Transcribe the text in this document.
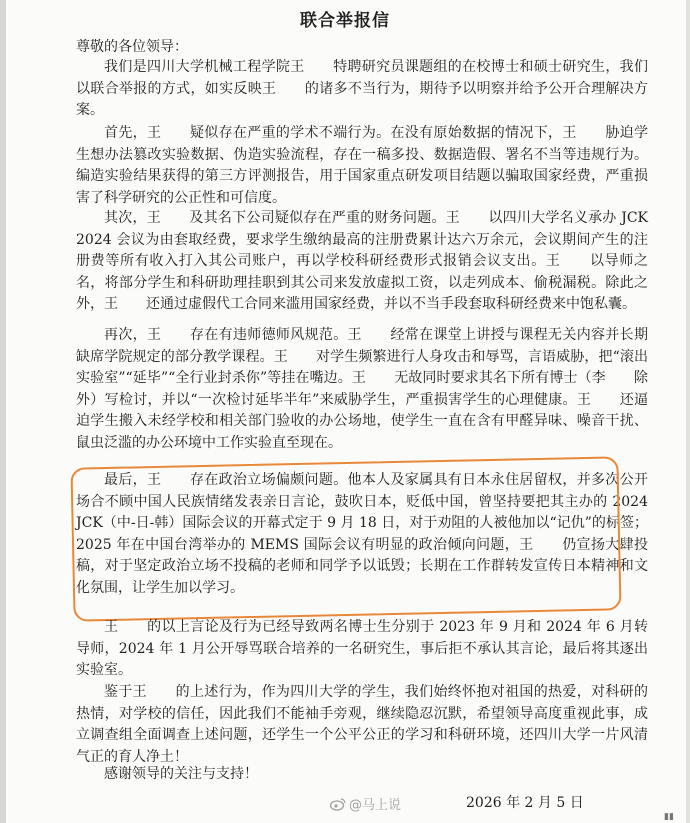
联合举报信
尊敬的各位领导：

我们是四川大学机械工程学院王　　特聘研究员课题组的在校博士和硕士研究生，我们以联合举报的方式，如实反映王　　的诸多不当行为，期待予以明察并给予公开合理解决方案。

首先，王　　疑似存在严重的学术不端行为。在没有原始数据的情况下，王　　胁迫学生想办法篡改实验数据、伪造实验流程，存在一稿多投、数据造假、署名不当等违规行为。编造实验结果获得的第三方评测报告，用于国家重点研发项目结题以骗取国家经费，严重损害了科学研究的公正性和可信度。

其次，王　　及其名下公司疑似存在严重的财务问题。王　　以四川大学名义承办 JCK 2024 会议为由套取经费，要求学生缴纳最高的注册费累计达六万余元，会议期间产生的注册费等所有收入打入其公司账户，再以学校科研经费形式报销会议支出。王　　以导师之名，将部分学生和科研助理挂职到其公司来发放虚拟工资，以走列成本、偷税漏税。除此之外，王　　还通过虚假代工合同来滥用国家经费，并以不当手段套取科研经费来中饱私囊。

再次，王　　存在有违师德师风规范。王　　经常在课堂上讲授与课程无关内容并长期缺席学院规定的部分教学课程。王　　对学生频繁进行人身攻击和辱骂，言语威胁，把“滚出实验室”“延毕”“全行业封杀你”等挂在嘴边。王　　无故同时要求其名下所有博士（李　　除外）写检讨，并以“一次检讨延毕半年”来威胁学生，严重损害学生的心理健康。王　　还逼迫学生搬入未经学校和相关部门验收的办公场地，使学生一直在含有甲醛异味、噪音干扰、鼠虫泛滥的办公环境中工作实验直至现在。

最后，王　　存在政治立场偏颇问题。他本人及家属具有日本永住居留权，并多次公开场合不顾中国人民族情绪发表亲日言论，鼓吹日本，贬低中国，曾坚持要把其主办的 2024 JCK（中-日-韩）国际会议的开幕式定于 9 月 18 日，对于劝阻的人被他加以“记仇”的标签；2025 年在中国台湾举办的 MEMS 国际会议有明显的政治倾向问题，王　　仍宣扬大肆投稿，对于坚定政治立场不投稿的老师和同学予以诋毁；长期在工作群转发宣传日本精神和文化氛围，让学生加以学习。

王　　的以上言论及行为已经导致两名博士生分别于 2023 年 9 月和 2024 年 6 月转导师，2024 年 1 月公开辱骂联合培养的一名研究生，事后拒不承认其言论，最后将其逐出实验室。

鉴于王　　的上述行为，作为四川大学的学生，我们始终怀抱对祖国的热爱，对科研的热情，对学校的信任，因此我们不能袖手旁观，继续隐忍沉默，希望领导高度重视此事，成立调查组全面调查上述问题，还学生一个公平公正的学习和科研环境，还四川大学一片风清气正的育人净土！

感谢领导的关注与支持！

@马上说	2026 年 2 月 5 日
▮▮
